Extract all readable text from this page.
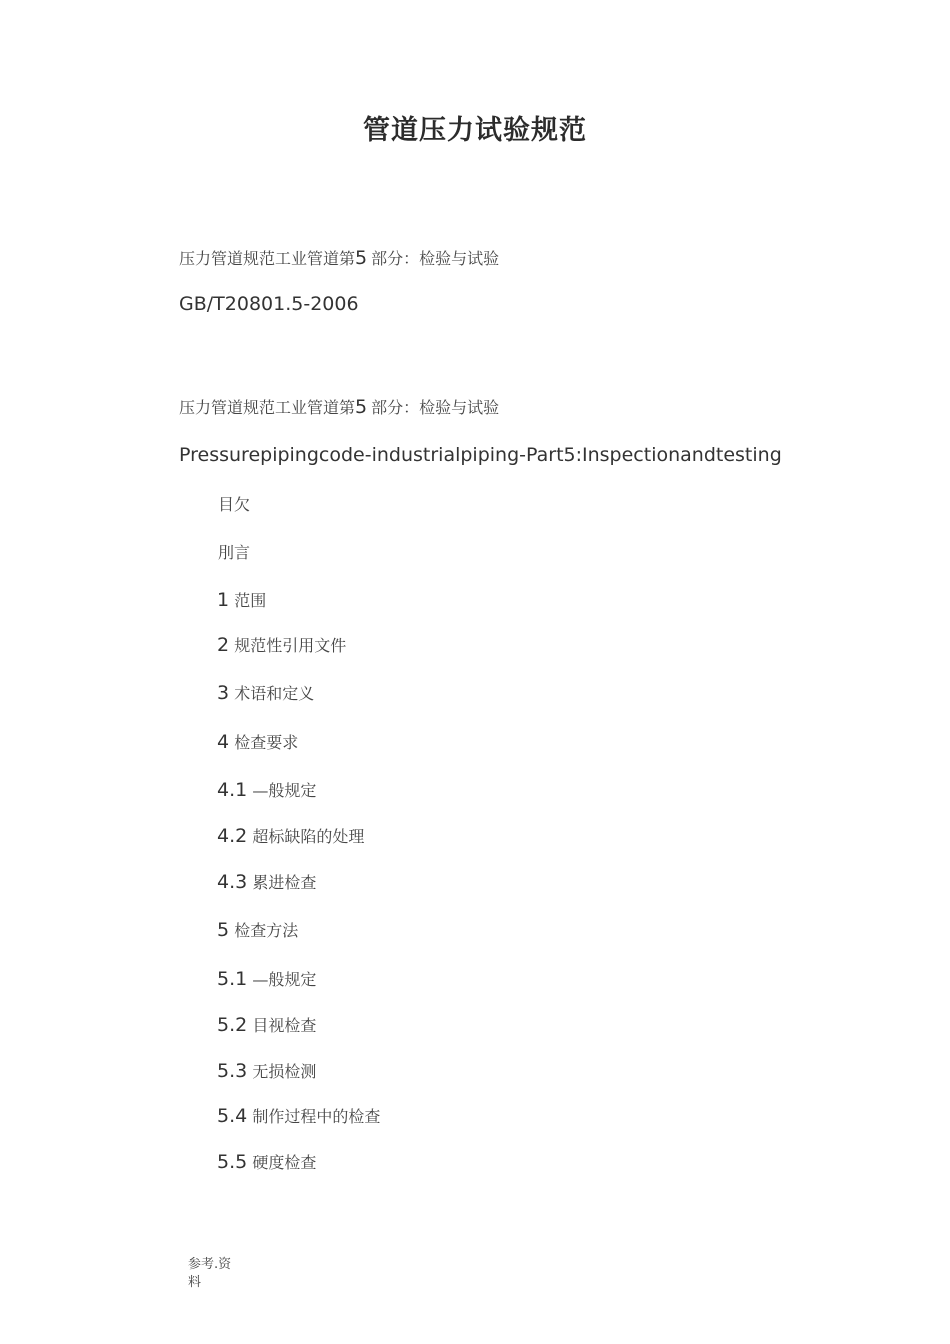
管道压力试验规范
压力管道规范工业管道第5 部分：检验与试验
GB/T20801.5-2006
压力管道规范工业管道第5 部分：检验与试验
Pressurepipingcode-industrialpiping-Part5:Inspectionandtesting
目欠
刖言
1 范围
2 规范性引用文件
3 术语和定义
4 检查要求
4.1 —般规定
4.2 超标缺陷的处理
4.3 累进检查
5 检查方法
5.1 —般规定
5.2 目视检查
5.3 无损检测
5.4 制作过程中的检查
5.5 硬度检查
参考.资料
